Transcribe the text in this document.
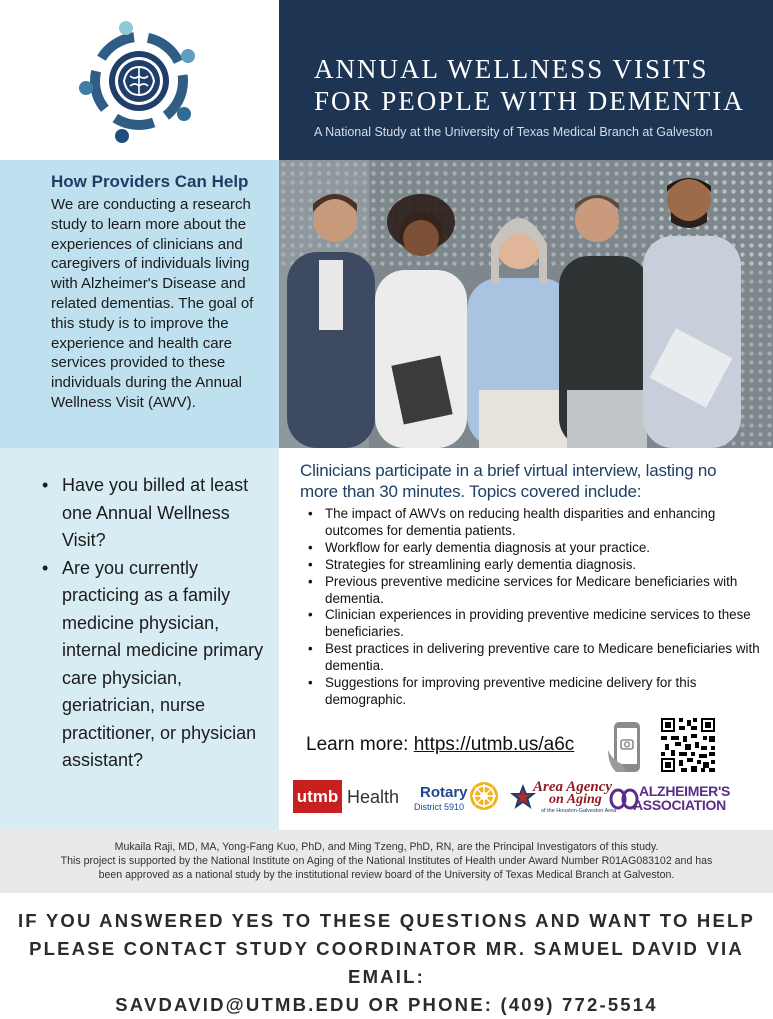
ANNUAL WELLNESS VISITS
FOR PEOPLE WITH DEMENTIA
A National Study at the University of Texas Medical Branch at Galveston
How Providers Can Help

We are conducting a research study to learn more about the experiences of clinicians and caregivers of individuals living with Alzheimer's Disease and related dementias. The goal of this study is to improve the experience and health care services provided to these individuals during the Annual Wellness Visit (AWV).

• Have you billed at least one Annual Wellness Visit?
• Are you currently practicing as a family medicine physician, internal medicine primary care physician, geriatrician, nurse practitioner, or physician assistant?
Clinicians participate in a brief virtual interview, lasting no more than 30 minutes. Topics covered include:
• The impact of AWVs on reducing health disparities and enhancing outcomes for dementia patients.
• Workflow for early dementia diagnosis at your practice.
• Strategies for streamlining early dementia diagnosis.
• Previous preventive medicine services for Medicare beneficiaries with dementia.
• Clinician experiences in providing preventive medicine services to these beneficiaries.
• Best practices in delivering preventive care to Medicare beneficiaries with dementia.
• Suggestions for improving preventive medicine delivery for this demographic.
Learn more: https://utmb.us/a6c
utmb Health Rotary
District 5910
Area Agency
on Aging
of the Houston-Galveston Area
ALZHEIMER'S
ASSOCIATION

Mukaila Raji, MD, MA, Yong-Fang Kuo, PhD, and Ming Tzeng, PhD, RN, are the Principal Investigators of this study.

This project is supported by the National Institute on Aging of the National Institutes of Health under Award Number R01AG083102 and has

been approved as a national study by the institutional review board of the University of Texas Medical Branch at Galveston.

IF YOU ANSWERED YES TO THESE QUESTIONS AND WANT TO HELP

PLEASE CONTACT STUDY COORDINATOR MR. SAMUEL DAVID VIA EMAIL:

SAVDAVID@UTMB.EDU OR PHONE: (409) 772-5514
